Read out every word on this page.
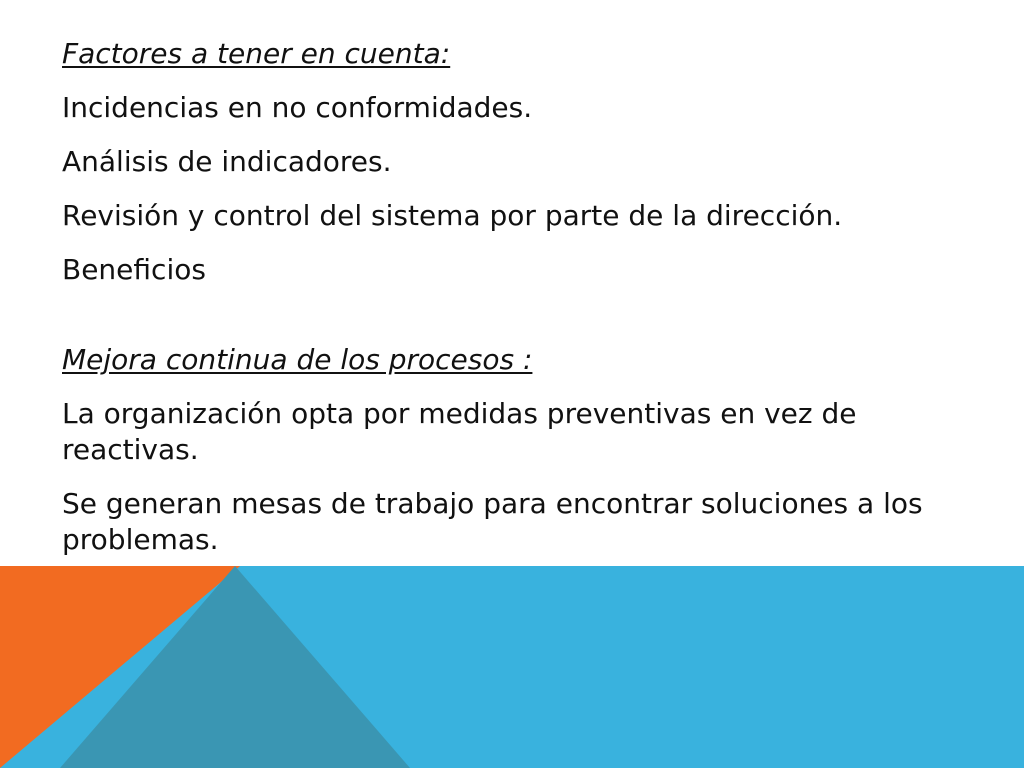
Factores a tener en cuenta:

Incidencias en no conformidades.

Análisis de indicadores.

Revisión y control del sistema por parte de la dirección.

Beneficios

Mejora continua de los procesos :

La organización opta por medidas preventivas en vez de reactivas.

Se generan mesas de trabajo para encontrar soluciones a los problemas.
